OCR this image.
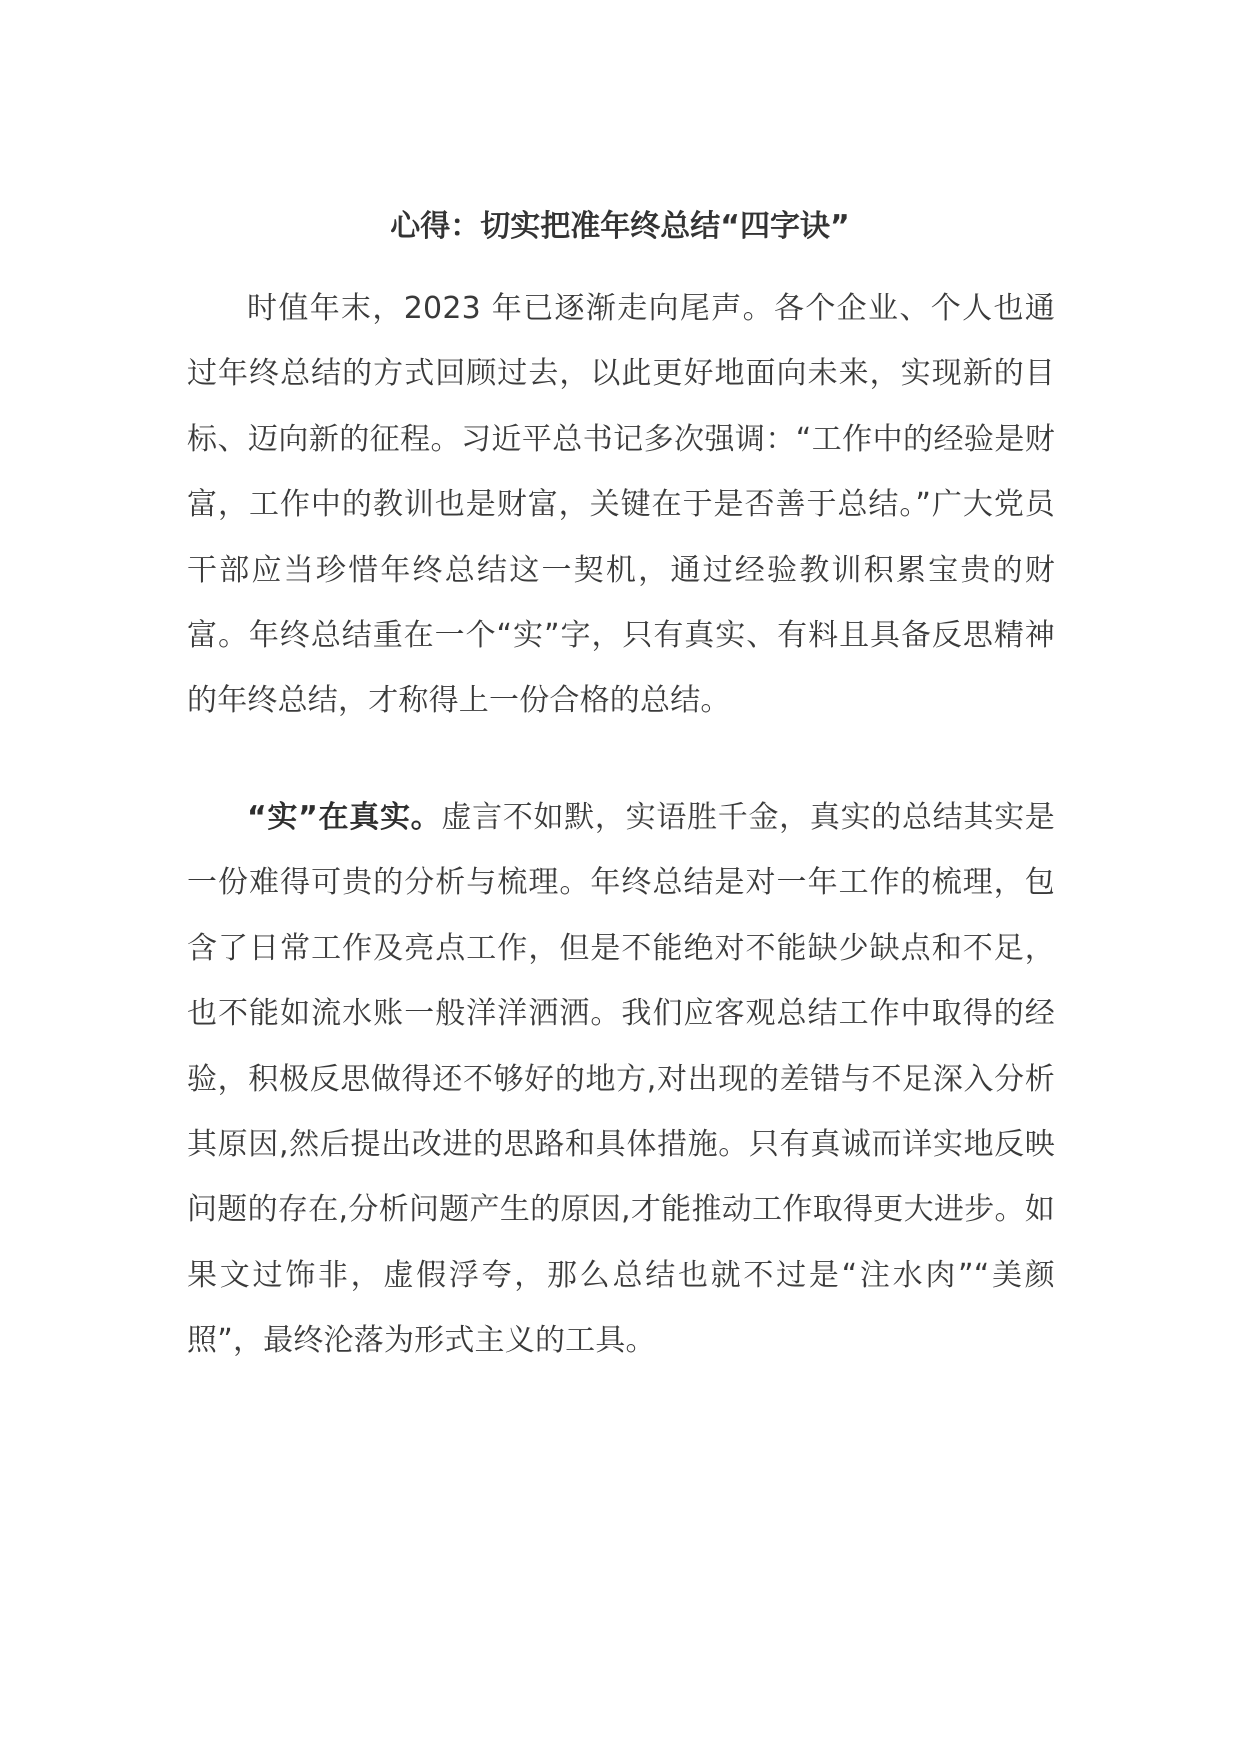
心得：切实把准年终总结“四字诀”

时值年末，2023 年已逐渐走向尾声。各个企业、个人也通过年终总结的方式回顾过去，以此更好地面向未来，实现新的目标、迈向新的征程。习近平总书记多次强调：“工作中的经验是财富，工作中的教训也是财富，关键在于是否善于总结。”广大党员干部应当珍惜年终总结这一契机，通过经验教训积累宝贵的财富。年终总结重在一个“实”字，只有真实、有料且具备反思精神的年终总结，才称得上一份合格的总结。

“实”在真实。虚言不如默，实语胜千金，真实的总结其实是一份难得可贵的分析与梳理。年终总结是对一年工作的梳理，包含了日常工作及亮点工作，但是不能绝对不能缺少缺点和不足，也不能如流水账一般洋洋洒洒。我们应客观总结工作中取得的经验，积极反思做得还不够好的地方,对出现的差错与不足深入分析其原因,然后提出改进的思路和具体措施。只有真诚而详实地反映问题的存在,分析问题产生的原因,才能推动工作取得更大进步。如果文过饰非，虚假浮夸，那么总结也就不过是“注水肉”“美颜照”，最终沦落为形式主义的工具。
